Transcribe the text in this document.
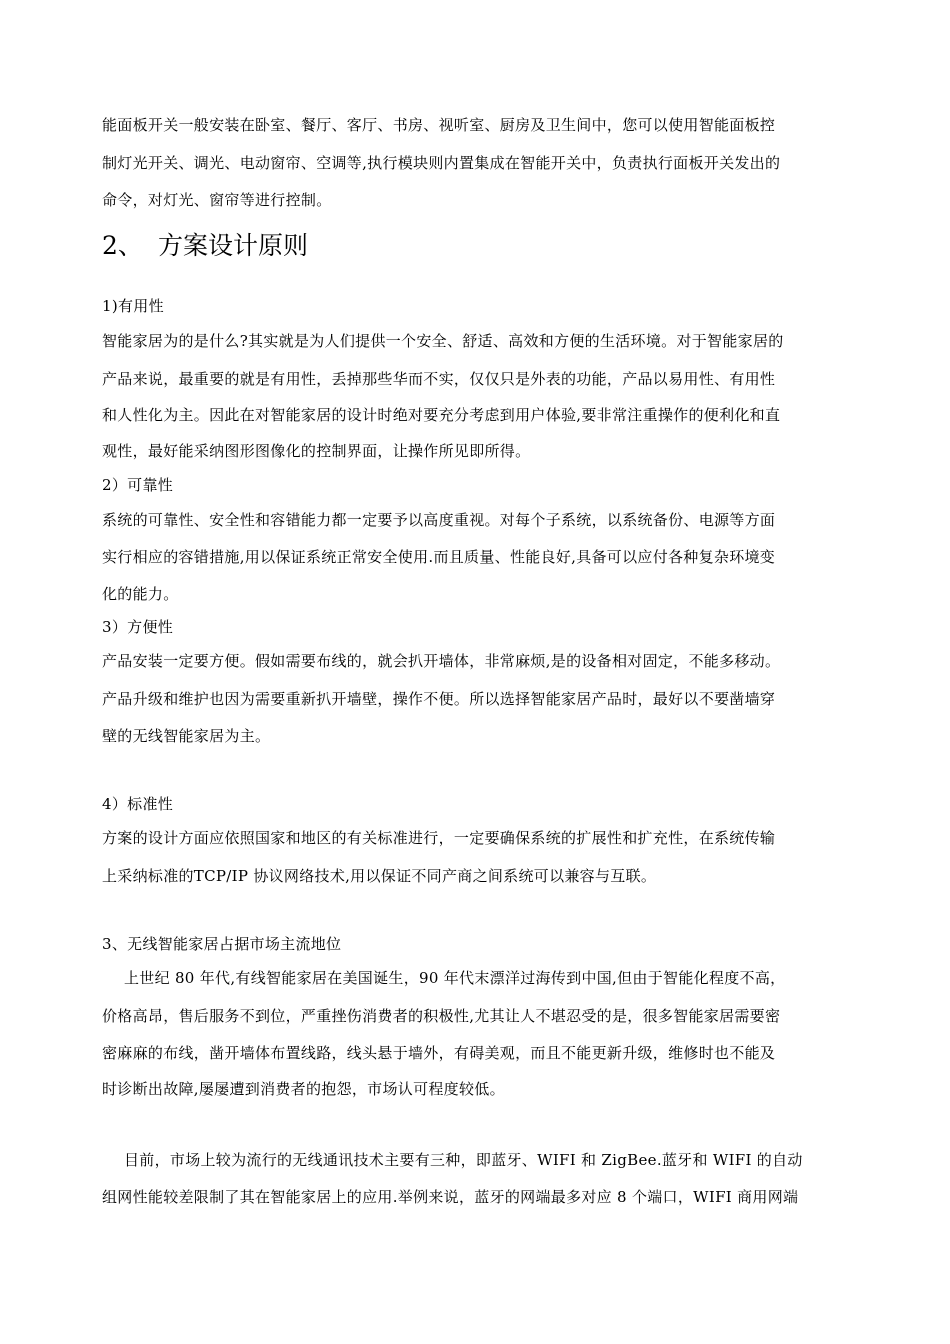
能面板开关一般安装在卧室、餐厅、客厅、书房、视听室、厨房及卫生间中，您可以使用智能面板控
制灯光开关、调光、电动窗帘、空调等,执行模块则内置集成在智能开关中，负责执行面板开关发出的
命令，对灯光、窗帘等进行控制。
2、 方案设计原则
1)有用性
智能家居为的是什么?其实就是为人们提供一个安全、舒适、高效和方便的生活环境。对于智能家居的
产品来说，最重要的就是有用性，丢掉那些华而不实，仅仅只是外表的功能，产品以易用性、有用性
和人性化为主。因此在对智能家居的设计时绝对要充分考虑到用户体验,要非常注重操作的便利化和直
观性，最好能采纳图形图像化的控制界面，让操作所见即所得。
2）可靠性
系统的可靠性、安全性和容错能力都一定要予以高度重视。对每个子系统，以系统备份、电源等方面
实行相应的容错措施,用以保证系统正常安全使用.而且质量、性能良好,具备可以应付各种复杂环境变
化的能力。
3）方便性
产品安装一定要方便。假如需要布线的，就会扒开墙体，非常麻烦,是的设备相对固定，不能多移动。
产品升级和维护也因为需要重新扒开墙壁，操作不便。所以选择智能家居产品时，最好以不要凿墙穿
壁的无线智能家居为主。
4）标准性
方案的设计方面应依照国家和地区的有关标准进行，一定要确保系统的扩展性和扩充性，在系统传输
上采纳标准的TCP/IP 协议网络技术,用以保证不同产商之间系统可以兼容与互联。
3、无线智能家居占据市场主流地位
上世纪 80 年代,有线智能家居在美国诞生，90 年代末漂洋过海传到中国,但由于智能化程度不高，
价格高昂，售后服务不到位，严重挫伤消费者的积极性,尤其让人不堪忍受的是，很多智能家居需要密
密麻麻的布线，凿开墙体布置线路，线头悬于墙外，有碍美观，而且不能更新升级，维修时也不能及
时诊断出故障,屡屡遭到消费者的抱怨，市场认可程度较低。
目前，市场上较为流行的无线通讯技术主要有三种，即蓝牙、WIFI 和 ZigBee.蓝牙和 WIFI 的自动
组网性能较差限制了其在智能家居上的应用.举例来说，蓝牙的网端最多对应 8 个端口，WIFI 商用网端
